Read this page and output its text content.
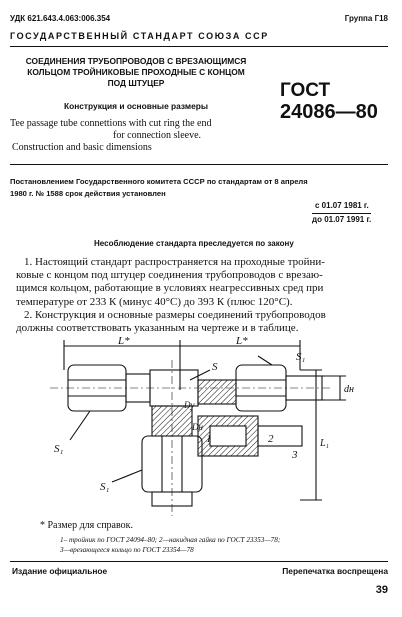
УДК 621.643.4.063:006.354	Группа Г18
ГОСУДАРСТВЕННЫЙ СТАНДАРТ СОЮЗА ССР
СОЕДИНЕНИЯ ТРУБОПРОВОДОВ С ВРЕЗАЮЩИМСЯ
КОЛЬЦОМ ТРОЙНИКОВЫЕ ПРОХОДНЫЕ С КОНЦОМ
ПОД ШТУЦЕР
Конструкция и основные размеры
ГОСТ
24086—80
Tee passage tube connettions with cut ring the end
for connection sleeve.
Construction and basic dimensions
Постановлением Государственного комитета СССР по стандартам от 8 апреля
1980 г. № 1588 срок действия установлен
с 01.07 1981 г.
до 01.07 1991 г.
Несоблюдение стандарта преследуется по закону
1. Настоящий стандарт распространяется на проходные тройни-
ковые с концом под штуцер соединения трубопроводов с врезаю-
щимся кольцом, работающие в условиях неагрессивных сред при
температуре от 233 К (минус 40°С) до 393 К (плюс 120°С).
2. Конструкция и основные размеры соединений трубопроводов
должны соответствовать указанным на чертеже и в таблице.
L*	L*
S₁
S
Dу
dн
Dн
L₁
S₁
S₁
1	2
3
* Размер для справок.
1– тройник по ГОСТ 24094–80; 2—накидная гайка по ГОСТ 23353—78;
3—врезающееся кольцо по ГОСТ 23354—78
Издание официальное	Перепечатка воспрещена
39
